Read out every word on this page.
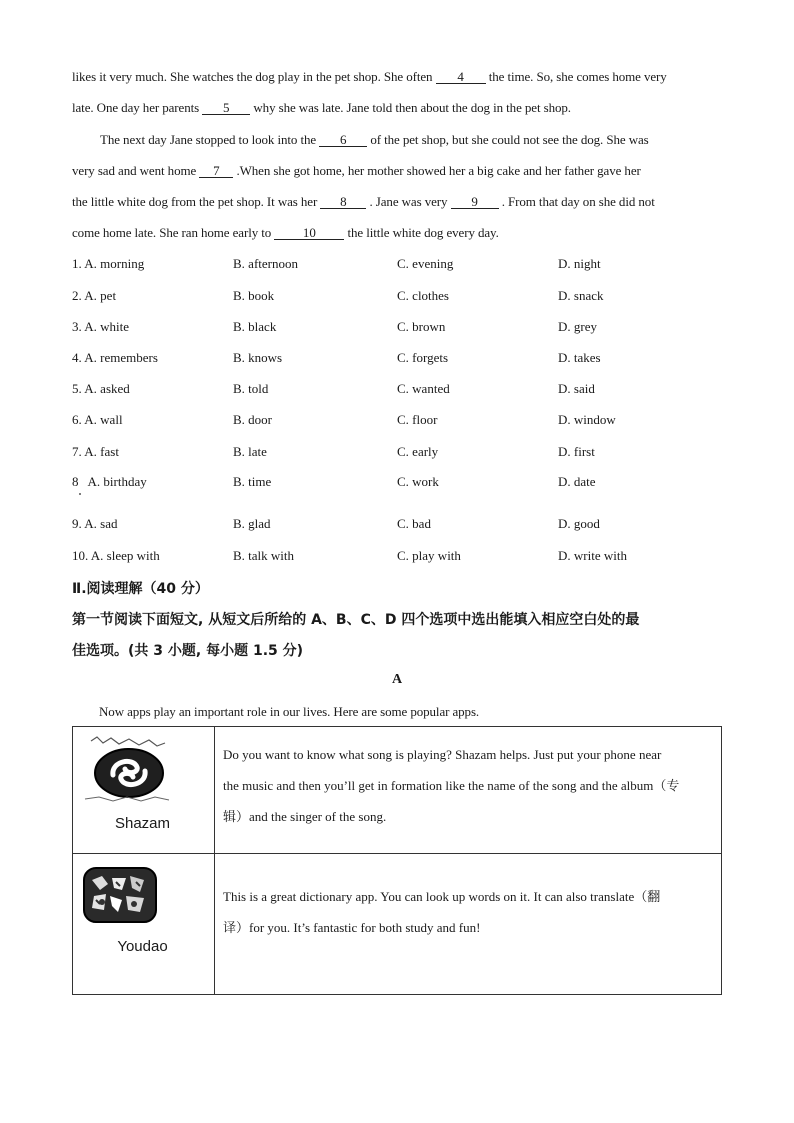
likes it very much. She watches the dog play in the pet shop. She often 4 the time. So, she comes home very
late. One day her parents 5 why she was late. Jane told then about the dog in the pet shop.
The next day Jane stopped to look into the 6 of the pet shop, but she could not see the dog. She was
very sad and went home 7 .When she got home, her mother showed her a big cake and her father gave her
the little white dog from the pet shop. It was her 8 . Jane was very 9 . From that day on she did not
come home late. She ran home early to 10 the little white dog every day.
1. A. morning	B. afternoon	C. evening	D. night
2. A. pet	B. book	C. clothes	D. snack
3. A. white	B. black	C. brown	D. grey
4. A. remembers	B. knows	C. forgets	D. takes
5. A. asked	B. told	C. wanted	D. said
6. A. wall	B. door	C. floor	D. window
7. A. fast	B. late	C. early	D. first
8   A. birthday	B. time	C. work	D. date
9. A. sad	B. glad	C. bad	D. good
10. A. sleep with	B. talk with	C. play with	D. write with
Ⅱ.阅读理解（40 分）
第一节阅读下面短文, 从短文后所给的 A、B、C、D 四个选项中选出能填入相应空白处的最
佳选项。(共 3 小题, 每小题 1.5 分)
A
Now apps play an important role in our lives. Here are some popular apps.
Shazam	Do you want to know what song is playing? Shazam helps. Just put your phone near
the music and then you’ll get in formation like the name of the song and the album（专
辑）and the singer of the song.

Youdao	This is a great dictionary app. You can look up words on it. It can also translate（翻
译）for you. It’s fantastic for both study and fun!
